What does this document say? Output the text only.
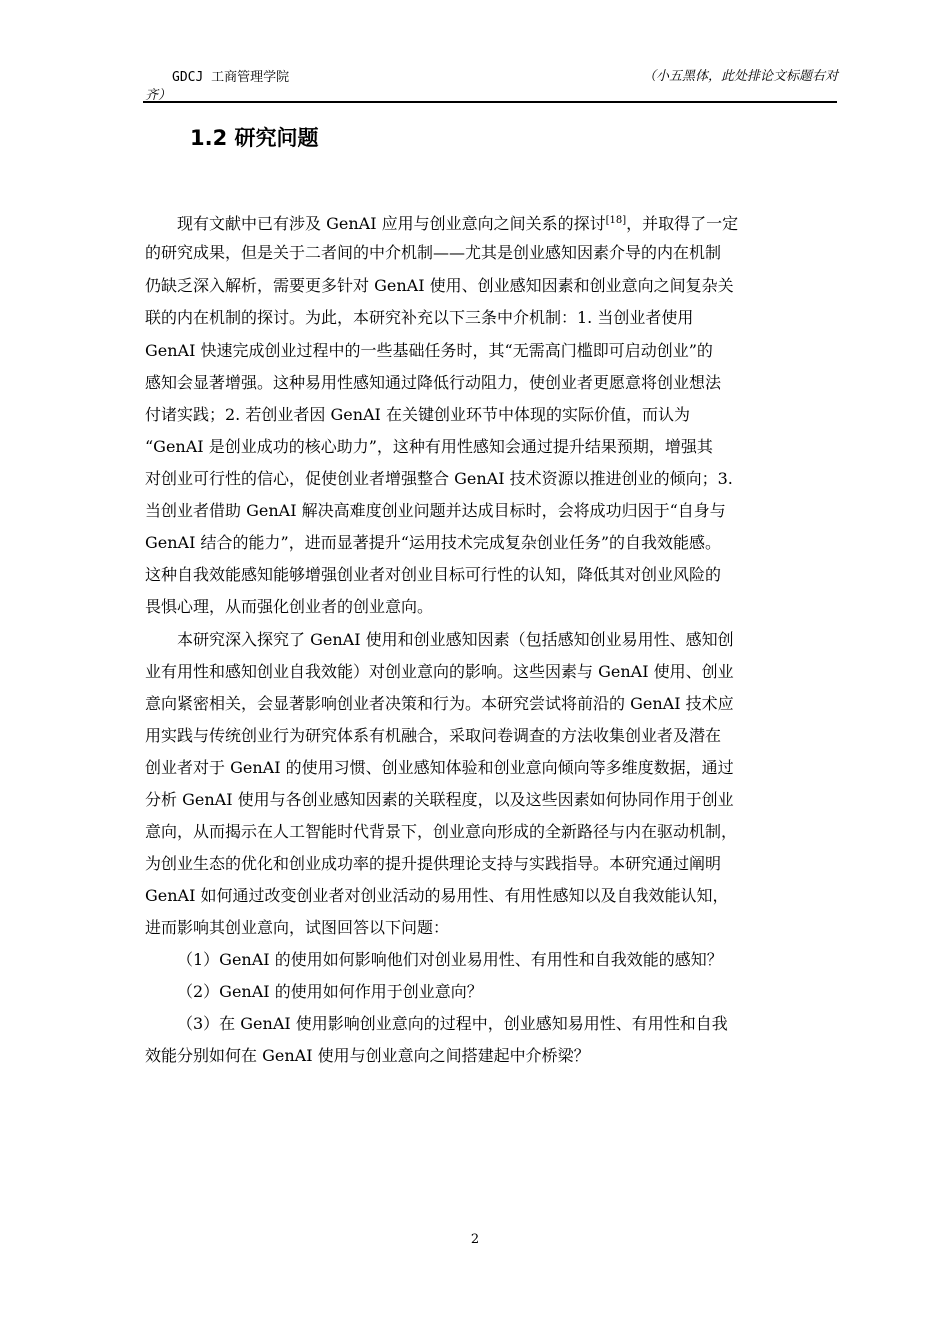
GDCJ 工商管理学院	（小五黑体，此处排论文标题右对
齐）
1.2 研究问题
现有文献中已有涉及 GenAI 应用与创业意向之间关系的探讨[18]，并取得了一定
的研究成果，但是关于二者间的中介机制——尤其是创业感知因素介导的内在机制
仍缺乏深入解析，需要更多针对 GenAI 使用、创业感知因素和创业意向之间复杂关
联的内在机制的探讨。为此，本研究补充以下三条中介机制：1. 当创业者使用
GenAI 快速完成创业过程中的一些基础任务时，其“无需高门槛即可启动创业”的
感知会显著增强。这种易用性感知通过降低行动阻力，使创业者更愿意将创业想法
付诸实践；2. 若创业者因 GenAI 在关键创业环节中体现的实际价值，而认为
“GenAI 是创业成功的核心助力”，这种有用性感知会通过提升结果预期，增强其
对创业可行性的信心，促使创业者增强整合 GenAI 技术资源以推进创业的倾向；3.
当创业者借助 GenAI 解决高难度创业问题并达成目标时，会将成功归因于“自身与
GenAI 结合的能力”，进而显著提升“运用技术完成复杂创业任务”的自我效能感。
这种自我效能感知能够增强创业者对创业目标可行性的认知，降低其对创业风险的
畏惧心理，从而强化创业者的创业意向。
本研究深入探究了 GenAI 使用和创业感知因素（包括感知创业易用性、感知创
业有用性和感知创业自我效能）对创业意向的影响。这些因素与 GenAI 使用、创业
意向紧密相关，会显著影响创业者决策和行为。本研究尝试将前沿的 GenAI 技术应
用实践与传统创业行为研究体系有机融合，采取问卷调查的方法收集创业者及潜在
创业者对于 GenAI 的使用习惯、创业感知体验和创业意向倾向等多维度数据，通过
分析 GenAI 使用与各创业感知因素的关联程度，以及这些因素如何协同作用于创业
意向，从而揭示在人工智能时代背景下，创业意向形成的全新路径与内在驱动机制，
为创业生态的优化和创业成功率的提升提供理论支持与实践指导。本研究通过阐明
GenAI 如何通过改变创业者对创业活动的易用性、有用性感知以及自我效能认知，
进而影响其创业意向，试图回答以下问题：
（1）GenAI 的使用如何影响他们对创业易用性、有用性和自我效能的感知？
（2）GenAI 的使用如何作用于创业意向？
（3）在 GenAI 使用影响创业意向的过程中，创业感知易用性、有用性和自我
效能分别如何在 GenAI 使用与创业意向之间搭建起中介桥梁？
2
